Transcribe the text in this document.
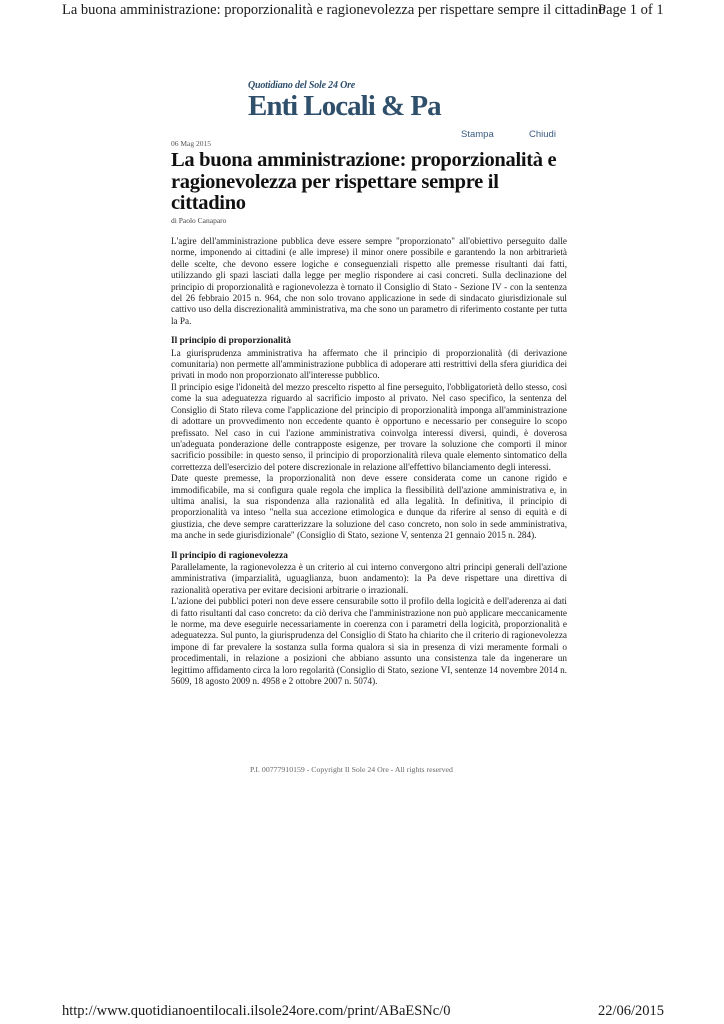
La buona amministrazione: proporzionalità e ragionevolezza per rispettare sempre il cittadino
Page 1 of 1
Quotidiano del Sole 24 Ore
Enti Locali & Pa
Stampa	Chiudi
06 Mag 2015
La buona amministrazione: proporzionalità e ragionevolezza per rispettare sempre il cittadino
di Paolo Canaparo

L'agire dell'amministrazione pubblica deve essere sempre "proporzionato" all'obiettivo perseguito dalle norme, imponendo ai cittadini (e alle imprese) il minor onere possibile e garantendo la non arbitrarietà delle scelte, che devono essere logiche e conseguenziali rispetto alle premesse risultanti dai fatti, utilizzando gli spazi lasciati dalla legge per meglio rispondere ai casi concreti. Sulla declinazione del principio di proporzionalità e ragionevolezza è tornato il Consiglio di Stato - Sezione IV - con la sentenza del 26 febbraio 2015 n. 964, che non solo trovano applicazione in sede di sindacato giurisdizionale sul cattivo uso della discrezionalità amministrativa, ma che sono un parametro di riferimento costante per tutta la Pa.

Il principio di proporzionalità

La giurisprudenza amministrativa ha affermato che il principio di proporzionalità (di derivazione comunitaria) non permette all'amministrazione pubblica di adoperare atti restrittivi della sfera giuridica dei privati in modo non proporzionato all'interesse pubblico.

Il principio esige l'idoneità del mezzo prescelto rispetto al fine perseguito, l'obbligatorietà dello stesso, così come la sua adeguatezza riguardo al sacrificio imposto al privato. Nel caso specifico, la sentenza del Consiglio di Stato rileva come l'applicazione del principio di proporzionalità imponga all'amministrazione di adottare un provvedimento non eccedente quanto è opportuno e necessario per conseguire lo scopo prefissato. Nel caso in cui l'azione amministrativa coinvolga interessi diversi, quindi, è doverosa un'adeguata ponderazione delle contrapposte esigenze, per trovare la soluzione che comporti il minor sacrificio possibile: in questo senso, il principio di proporzionalità rileva quale elemento sintomatico della correttezza dell'esercizio del potere discrezionale in relazione all'effettivo bilanciamento degli interessi.

Date queste premesse, la proporzionalità non deve essere considerata come un canone rigido e immodificabile, ma si configura quale regola che implica la flessibilità dell'azione amministrativa e, in ultima analisi, la sua rispondenza alla razionalità ed alla legalità. In definitiva, il principio di proporzionalità va inteso "nella sua accezione etimologica e dunque da riferire al senso di equità e di giustizia, che deve sempre caratterizzare la soluzione del caso concreto, non solo in sede amministrativa, ma anche in sede giurisdizionale" (Consiglio di Stato, sezione V, sentenza 21 gennaio 2015 n. 284).

Il principio di ragionevolezza

Parallelamente, la ragionevolezza è un criterio al cui interno convergono altri principi generali dell'azione amministrativa (imparzialità, uguaglianza, buon andamento): la Pa deve rispettare una direttiva di razionalità operativa per evitare decisioni arbitrarie o irrazionali.

L'azione dei pubblici poteri non deve essere censurabile sotto il profilo della logicità e dell'aderenza ai dati di fatto risultanti dal caso concreto: da ciò deriva che l'amministrazione non può applicare meccanicamente le norme, ma deve eseguirle necessariamente in coerenza con i parametri della logicità, proporzionalità e adeguatezza. Sul punto, la giurisprudenza del Consiglio di Stato ha chiarito che il criterio di ragionevolezza impone di far prevalere la sostanza sulla forma qualora si sia in presenza di vizi meramente formali o procedimentali, in relazione a posizioni che abbiano assunto una consistenza tale da ingenerare un legittimo affidamento circa la loro regolarità (Consiglio di Stato, sezione VI, sentenze 14 novembre 2014 n. 5609, 18 agosto 2009 n. 4958 e 2 ottobre 2007 n. 5074).

P.I. 00777910159 - Copyright Il Sole 24 Ore - All rights reserved
http://www.quotidianoentilocali.ilsole24ore.com/print/ABaESNc/0	22/06/2015
